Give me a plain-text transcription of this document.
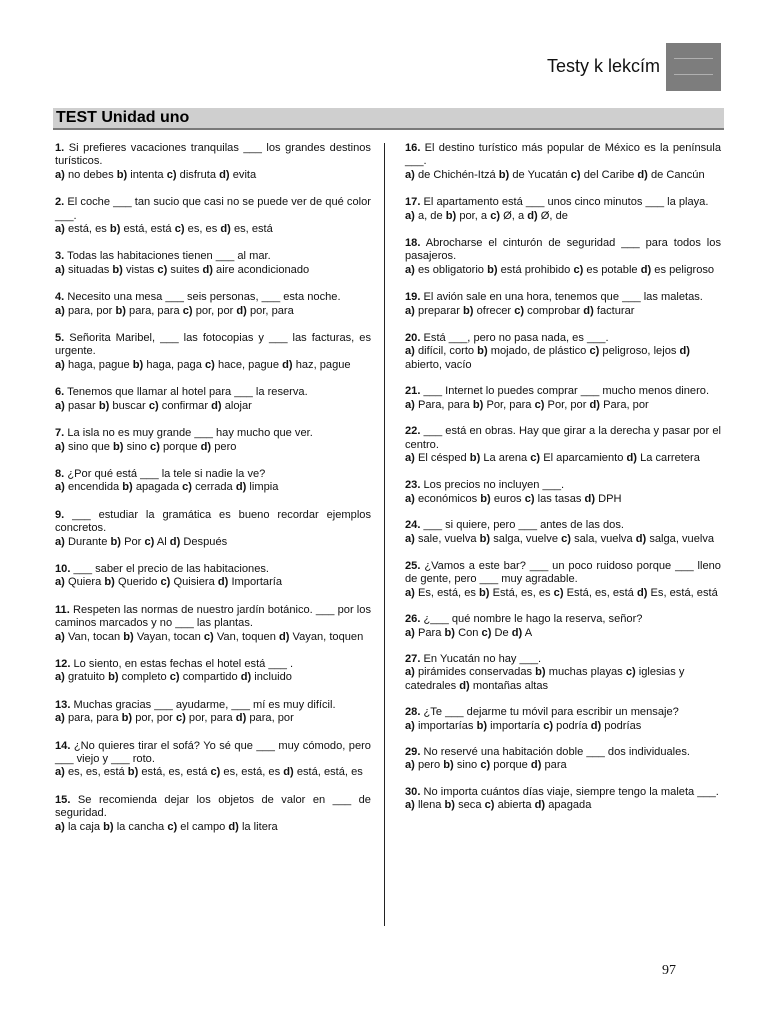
Testy k lekcím
TEST Unidad uno

1. Si prefieres vacaciones tranquilas ___ los grandes destinos turísticos.
a) no debes b) intenta c) disfruta d) evita

2. El coche ___ tan sucio que casi no se puede ver de qué color ___.
a) está, es b) está, está c) es, es d) es, está

3. Todas las habitaciones tienen ___ al mar.
a) situadas b) vistas c) suites d) aire acondicionado

4. Necesito una mesa ___ seis personas, ___ esta noche.
a) para, por b) para, para c) por, por d) por, para

5. Señorita Maribel, ___ las fotocopias y ___ las facturas, es urgente.
a) haga, pague b) haga, paga c) hace, pague d) haz, pague

6. Tenemos que llamar al hotel para ___ la reserva.
a) pasar b) buscar c) confirmar d) alojar

7. La isla no es muy grande ___ hay mucho que ver.
a) sino que b) sino c) porque d) pero

8. ¿Por qué está ___ la tele si nadie la ve?
a) encendida b) apagada c) cerrada d) limpia

9. ___ estudiar la gramática es bueno recordar ejemplos concretos.
a) Durante b) Por c) Al d) Después

10. ___ saber el precio de las habitaciones.
a) Quiera b) Querido c) Quisiera d) Importaría

11. Respeten las normas de nuestro jardín botánico. ___ por los caminos marcados y no ___ las plantas.
a) Van, tocan b) Vayan, tocan c) Van, toquen d) Vayan, toquen

12. Lo siento, en estas fechas el hotel está ___ .
a) gratuito b) completo c) compartido d) incluido

13. Muchas gracias ___ ayudarme, ___ mí es muy difícil.
a) para, para b) por, por c) por, para d) para, por

14. ¿No quieres tirar el sofá? Yo sé que ___ muy cómodo, pero ___ viejo y ___ roto.
a) es, es, está b) está, es, está c) es, está, es d) está, está, es

15. Se recomienda dejar los objetos de valor en ___ de seguridad.
a) la caja b) la cancha c) el campo d) la litera

16. El destino turístico más popular de México es la península ___.
a) de Chichén-Itzá b) de Yucatán c) del Caribe d) de Cancún

17. El apartamento está ___ unos cinco minutos ___ la playa.
a) a, de b) por, a c) Ø, a d) Ø, de

18. Abrocharse el cinturón de seguridad ___ para todos los pasajeros.
a) es obligatorio b) está prohibido c) es potable d) es peligroso

19. El avión sale en una hora, tenemos que ___ las maletas.
a) preparar b) ofrecer c) comprobar d) facturar

20. Está ___, pero no pasa nada, es ___.
a) difícil, corto b) mojado, de plástico c) peligroso, lejos d) abierto, vacío

21. ___ Internet lo puedes comprar ___ mucho menos dinero.
a) Para, para b) Por, para c) Por, por d) Para, por

22. ___ está en obras. Hay que girar a la derecha y pasar por el centro.
a) El césped b) La arena c) El aparcamiento d) La carretera

23. Los precios no incluyen ___.
a) económicos b) euros c) las tasas d) DPH

24. ___ si quiere, pero ___ antes de las dos.
a) sale, vuelva b) salga, vuelve c) sala, vuelva d) salga, vuelva

25. ¿Vamos a este bar? ___ un poco ruidoso porque ___ lleno de gente, pero ___ muy agradable.
a) Es, está, es b) Está, es, es c) Está, es, está d) Es, está, está

26. ¿___ qué nombre le hago la reserva, señor?
a) Para b) Con c) De d) A

27. En Yucatán no hay ___.
a) pirámides conservadas b) muchas playas c) iglesias y catedrales d) montañas altas

28. ¿Te ___ dejarme tu móvil para escribir un mensaje?
a) importarías b) importaría c) podría d) podrías

29. No reservé una habitación doble ___ dos individuales.
a) pero b) sino c) porque d) para

30. No importa cuántos días viaje, siempre tengo la maleta ___.
a) llena b) seca c) abierta d) apagada

97
